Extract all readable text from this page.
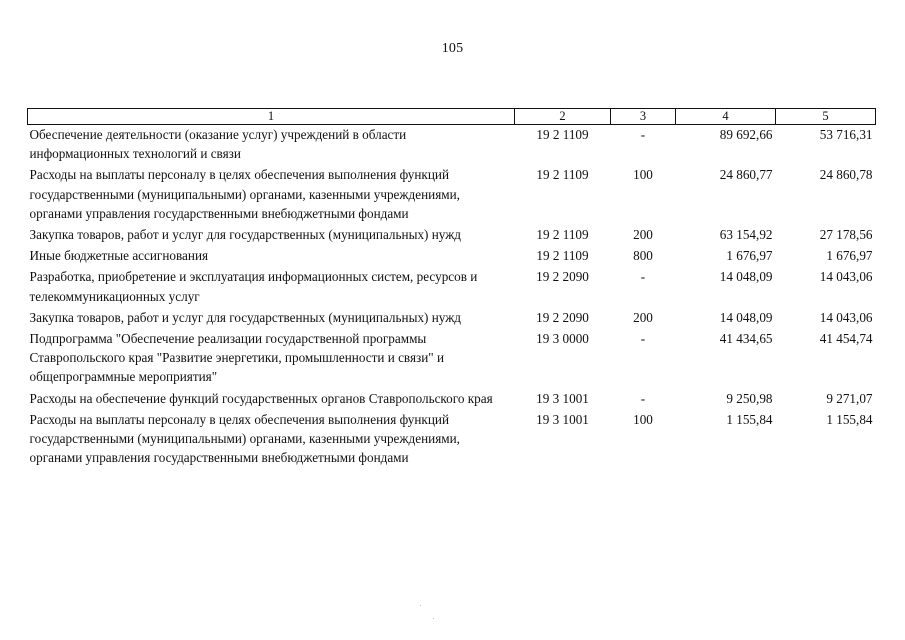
105
1	2	3	4	5
Обеспечение деятельности (оказание услуг) учреждений в области информационных технологий и связи	19 2 1109	-	89 692,66	53 716,31
Расходы на выплаты персоналу в целях обеспечения выполнения функций государственными (муниципальными) органами, казенными учреждениями, органами управления государственными внебюджетными фондами	19 2 1109	100	24 860,77	24 860,78
Закупка товаров, работ и услуг для государственных (муниципальных) нужд	19 2 1109	200	63 154,92	27 178,56
Иные бюджетные ассигнования	19 2 1109	800	1 676,97	1 676,97
Разработка, приобретение и эксплуатация информационных систем, ресурсов и телекоммуникационных услуг	19 2 2090	-	14 048,09	14 043,06
Закупка товаров, работ и услуг для государственных (муниципальных) нужд	19 2 2090	200	14 048,09	14 043,06
Подпрограмма "Обеспечение реализации государственной программы Ставропольского края "Развитие энергетики, промышленности и связи" и общепрограммные мероприятия"	19 3 0000	-	41 434,65	41 454,74
Расходы на обеспечение функций государственных органов Ставропольского края	19 3 1001	-	9 250,98	9 271,07
Расходы на выплаты персоналу в целях обеспечения выполнения функций государственными (муниципальными) органами, казенными учреждениями, органами управления государственными внебюджетными фондами	19 3 1001	100	1 155,84	1 155,84
